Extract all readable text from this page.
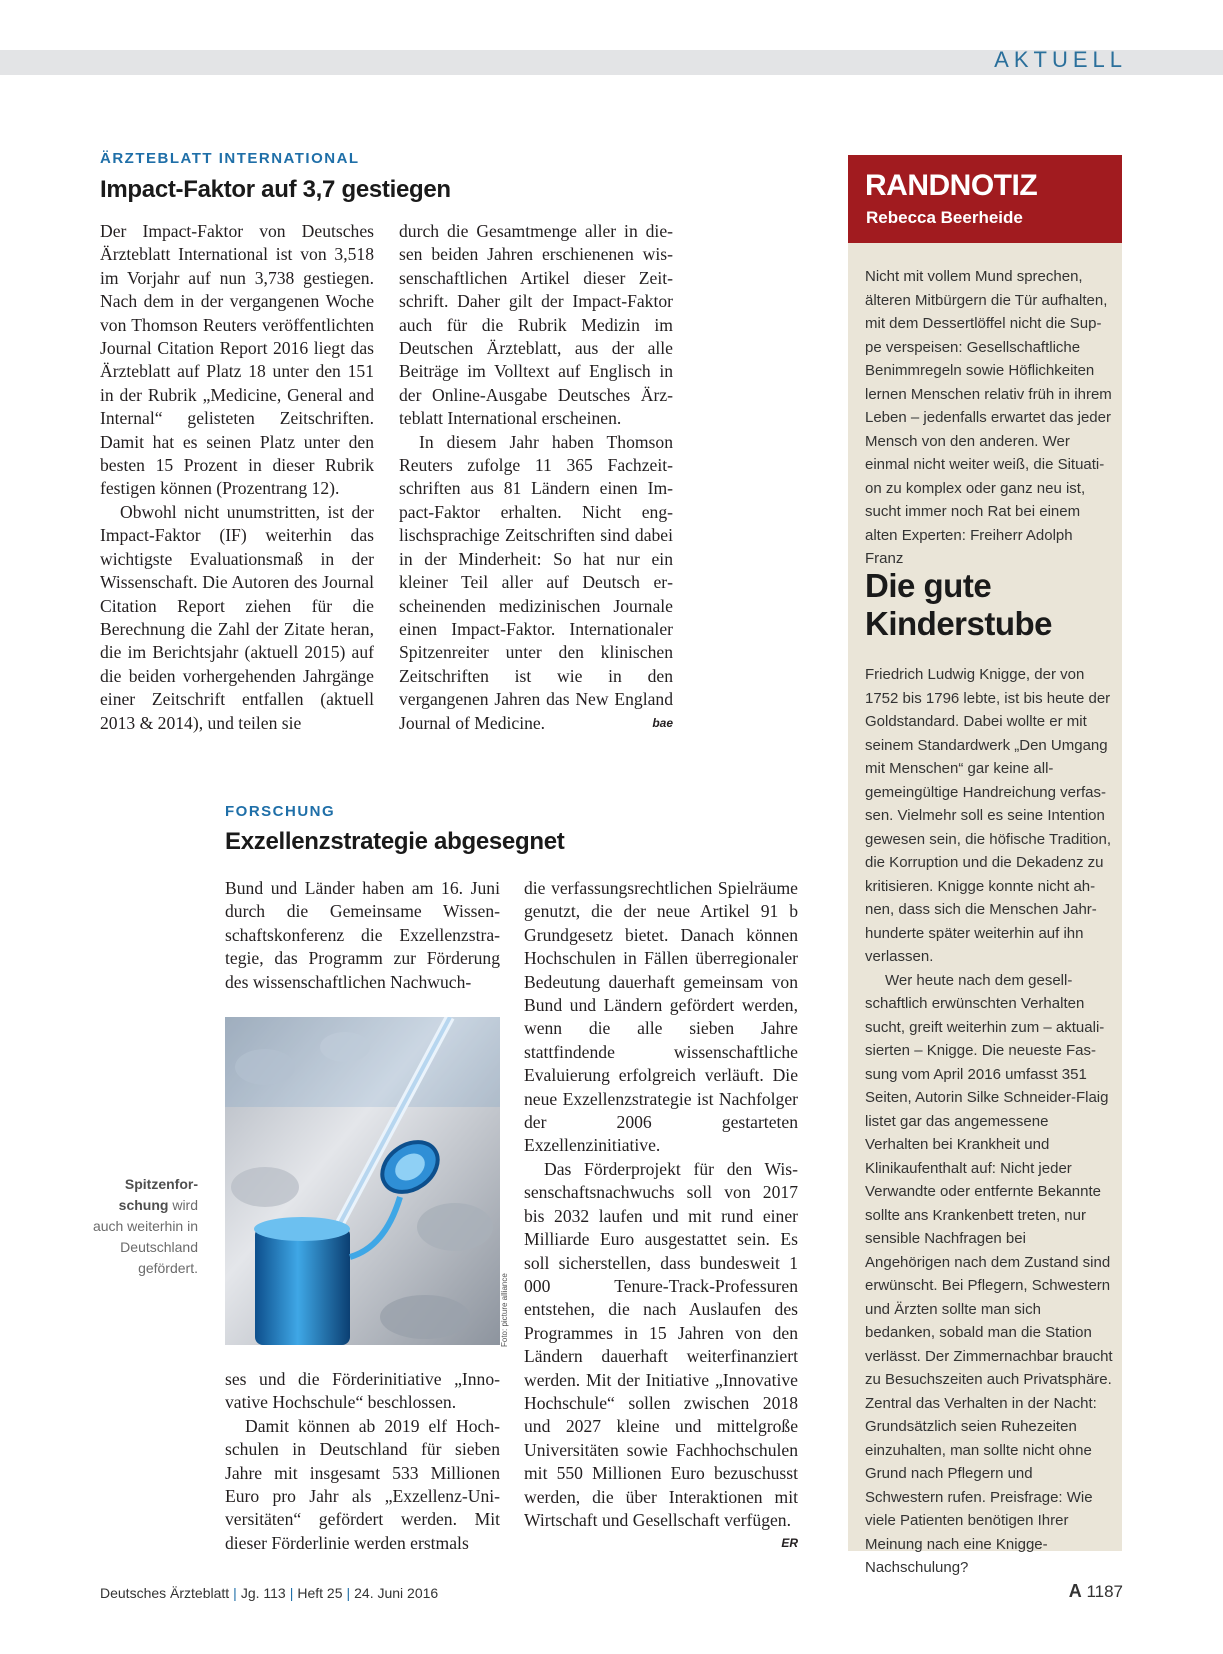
AKTUELL
ÄRZTEBLATT INTERNATIONAL
Impact-Faktor auf 3,7 gestiegen

Der Impact-Faktor von Deutsches Ärzteblatt International ist von 3,518 im Vorjahr auf nun 3,738 gestiegen. Nach dem in der vergangenen Woche von Thomson Reuters veröffentlichten Journal Citation Report 2016 liegt das Ärzteblatt auf Platz 18 unter den 151 in der Rubrik „Medicine, General and Internal“ gelisteten Zeitschriften. Damit hat es seinen Platz unter den besten 15 Prozent in dieser Rubrik festigen können (Prozentrang 12).

Obwohl nicht unumstritten, ist der Impact-Faktor (IF) weiterhin das wichtigste Evaluationsmaß in der Wissenschaft. Die Autoren des Journal Citation Report ziehen für die Berechnung die Zahl der Zitate heran, die im Berichtsjahr (aktuell 2015) auf die beiden vorhergehenden Jahrgänge einer Zeitschrift entfallen (aktuell 2013 & 2014), und teilen sie

durch die Gesamtmenge aller in diesen beiden Jahren erschienenen wissenschaftlichen Artikel dieser Zeitschrift. Daher gilt der Impact-Faktor auch für die Rubrik Medizin im Deutschen Ärzteblatt, aus der alle Beiträge im Volltext auf Englisch in der Online-Ausgabe Deutsches Ärzteblatt International erscheinen.

In diesem Jahr haben Thomson Reuters zufolge 11 365 Fachzeitschriften aus 81 Ländern einen Impact-Faktor erhalten. Nicht englischsprachige Zeitschriften sind dabei in der Minderheit: So hat nur ein kleiner Teil aller auf Deutsch erscheinenden medizinischen Journale einen Impact-Faktor. Internationaler Spitzenreiter unter den klinischen Zeitschriften ist wie in den vergangenen Jahren das New England Journal of Medicine.	bae

FORSCHUNG
Exzellenzstrategie abgesegnet

Bund und Länder haben am 16. Juni durch die Gemeinsame Wissenschaftskonferenz die Exzellenzstrategie, das Programm zur Förderung des wissenschaftlichen Nachwuch-

Foto: picture alliance
Spitzenforschung wird auch weiterhin in Deutschland gefördert.

ses und die Förderinitiative „Innovative Hochschule“ beschlossen.

Damit können ab 2019 elf Hochschulen in Deutschland für sieben Jahre mit insgesamt 533 Millionen Euro pro Jahr als „Exzellenz-Universitäten“ gefördert werden. Mit dieser Förderlinie werden erstmals

die verfassungsrechtlichen Spielräume genutzt, die der neue Artikel 91 b Grundgesetz bietet. Danach können Hochschulen in Fällen überregionaler Bedeutung dauerhaft gemeinsam von Bund und Ländern gefördert werden, wenn die alle sieben Jahre stattfindende wissenschaftliche Evaluierung erfolgreich verläuft. Die neue Exzellenzstrategie ist Nachfolger der 2006 gestarteten Exzellenzinitiative.

Das Förderprojekt für den Wissenschaftsnachwuchs soll von 2017 bis 2032 laufen und mit rund einer Milliarde Euro ausgestattet sein. Es soll sicherstellen, dass bundesweit 1 000 Tenure-Track-Professuren entstehen, die nach Auslaufen des Programmes in 15 Jahren von den Ländern dauerhaft weiterfinanziert werden. Mit der Initiative „Innovative Hochschule“ sollen zwischen 2018 und 2027 kleine und mittelgroße Universitäten sowie Fachhochschulen mit 550 Millionen Euro bezuschusst werden, die über Interaktionen mit Wirtschaft und Gesellschaft verfügen.
ER

RANDNOTIZ
Rebecca Beerheide

Nicht mit vollem Mund sprechen, älteren Mitbürgern die Tür aufhalten, mit dem Dessertlöffel nicht die Suppe verspeisen: Gesellschaftliche Benimmregeln sowie Höflichkeiten lernen Menschen relativ früh in ihrem Leben – jedenfalls erwartet das jeder Mensch von den anderen. Wer einmal nicht weiter weiß, die Situation zu komplex oder ganz neu ist, sucht immer noch Rat bei einem alten Experten: Freiherr Adolph Franz

Die gute Kinderstube

Friedrich Ludwig Knigge, der von 1752 bis 1796 lebte, ist bis heute der Goldstandard. Dabei wollte er mit seinem Standardwerk „Den Umgang mit Menschen“ gar keine allgemeingültige Handreichung verfassen. Vielmehr soll es seine Intention gewesen sein, die höfische Tradition, die Korruption und die Dekadenz zu kritisieren. Knigge konnte nicht ahnen, dass sich die Menschen Jahrhunderte später weiterhin auf ihn verlassen.

Wer heute nach dem gesellschaftlich erwünschten Verhalten sucht, greift weiterhin zum – aktualisierten – Knigge. Die neueste Fassung vom April 2016 umfasst 351 Seiten, Autorin Silke Schneider-Flaig listet gar das angemessene Verhalten bei Krankheit und Klinikaufenthalt auf: Nicht jeder Verwandte oder entfernte Bekannte sollte ans Krankenbett treten, nur sensible Nachfragen bei Angehörigen nach dem Zustand sind erwünscht. Bei Pflegern, Schwestern und Ärzten sollte man sich bedanken, sobald man die Station verlässt. Der Zimmernachbar braucht zu Besuchszeiten auch Privatsphäre. Zentral das Verhalten in der Nacht: Grundsätzlich seien Ruhezeiten einzuhalten, man sollte nicht ohne Grund nach Pflegern und Schwestern rufen. Preisfrage: Wie viele Patienten benötigen Ihrer Meinung nach eine Knigge-Nachschulung?

Deutsches Ärzteblatt | Jg. 113 | Heft 25 | 24. Juni 2016	A 1187
